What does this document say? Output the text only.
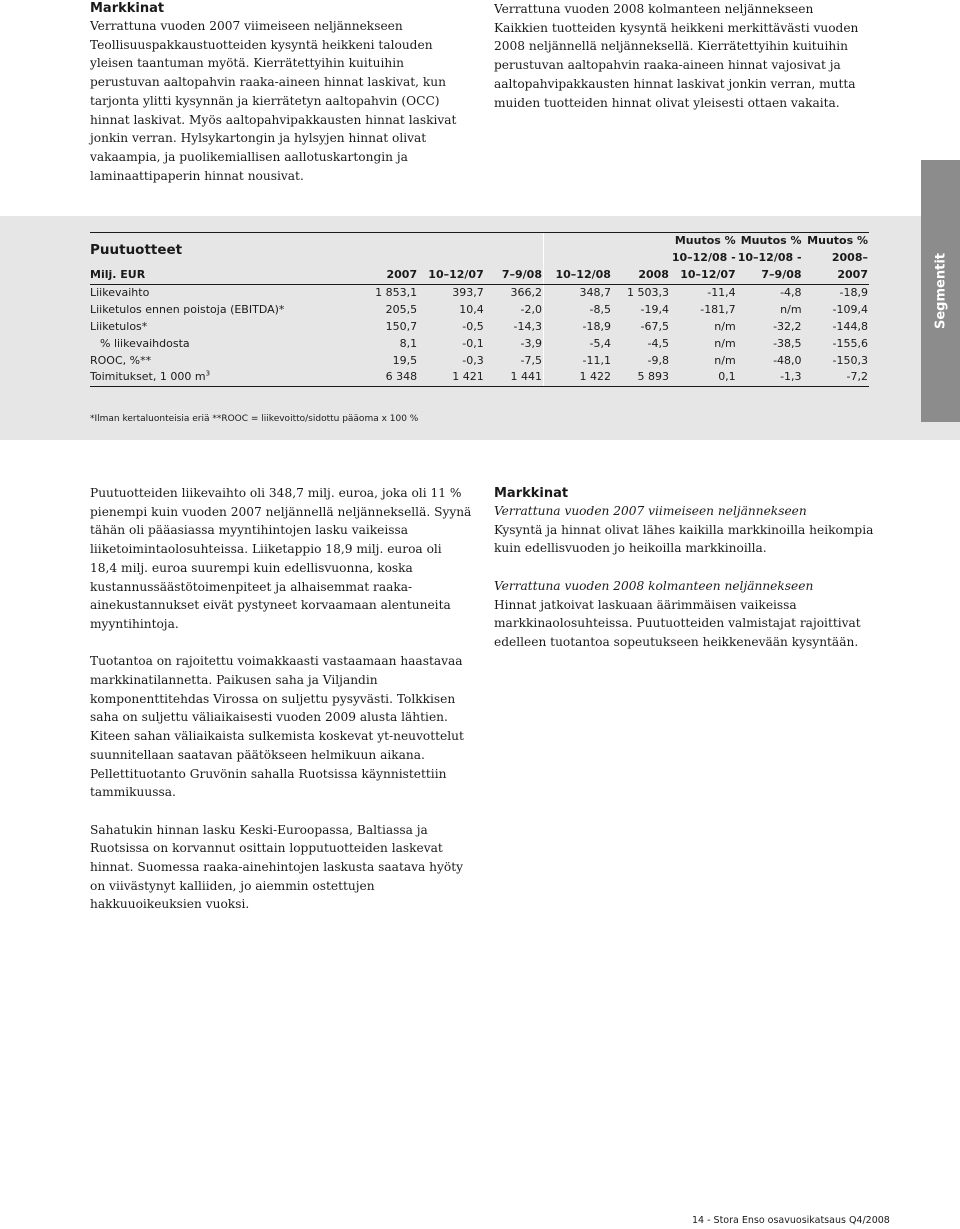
Markkinat

Verrattuna vuoden 2007 viimeiseen neljännekseen Teollisuuspakkaustuotteiden kysyntä heikkeni talouden yleisen taantuman myötä. Kierrätettyihin kuituihin perustuvan aaltopahvin raaka-aineen hinnat laskivat, kun tarjonta ylitti kysynnän ja kierrätetyn aaltopahvin (OCC) hinnat laskivat. Myös aaltopahvipakkausten hinnat laskivat jonkin verran. Hylsykartongin ja hylsyjen hinnat olivat vakaampia, ja puolikemiallisen aallotuskartongin ja laminaattipaperin hinnat nousivat.

Verrattuna vuoden 2008 kolmanteen neljännekseen

Kaikkien tuotteiden kysyntä heikkeni merkittävästi vuoden 2008 neljännellä neljänneksellä. Kierrätettyihin kuituihin perustuvan aaltopahvin raaka-aineen hinnat vajosivat ja aaltopahvipakkausten hinnat laskivat jonkin verran, mutta muiden tuotteiden hinnat olivat yleisesti ottaen vakaita.

Segmentit

Puutuotteet						Muutos %	Muutos %	Muutos %
						10–12/08 -	10–12/08 -	2008–
Milj. EUR	2007	10–12/07	7–9/08	10–12/08	2008	10–12/07	7–9/08	2007
Liikevaihto	1 853,1	393,7	366,2	348,7	1 503,3	-11,4	-4,8	-18,9
Liiketulos ennen poistoja (EBITDA)*	205,5	10,4	-2,0	-8,5	-19,4	-181,7	n/m	-109,4
Liiketulos*	150,7	-0,5	-14,3	-18,9	-67,5	n/m	-32,2	-144,8
% liikevaihdosta	8,1	-0,1	-3,9	-5,4	-4,5	n/m	-38,5	-155,6
ROOC, %**	19,5	-0,3	-7,5	-11,1	-9,8	n/m	-48,0	-150,3
Toimitukset, 1 000 $m^3$	6 348	1 421	1 441	1 422	5 893	0,1	-1,3	-7,2
*Ilman kertaluonteisia eriä **ROOC = liikevoitto/sidottu pääoma x 100 %

Puutuotteiden liikevaihto oli 348,7 milj. euroa, joka oli 11 % pienempi kuin vuoden 2007 neljännellä neljänneksellä. Syynä tähän oli pääasiassa myyntihintojen lasku vaikeissa liiketoimintaolosuhteissa. Liiketappio 18,9 milj. euroa oli 18,4 milj. euroa suurempi kuin edellisvuonna, koska kustannussäästötoimenpiteet ja alhaisemmat raaka-ainekustannukset eivät pystyneet korvaamaan alentuneita myyntihintoja.

Tuotantoa on rajoitettu voimakkaasti vastaamaan haastavaa markkinatilannetta. Paikusen saha ja Viljandin komponenttitehdas Virossa on suljettu pysyvästi. Tolkkisen saha on suljettu väliaikaisesti vuoden 2009 alusta lähtien. Kiteen sahan väliaikaista sulkemista koskevat yt-neuvottelut suunnitellaan saatavan päätökseen helmikuun aikana. Pellettituotanto Gruvönin sahalla Ruotsissa käynnistettiin tammikuussa.

Sahatukin hinnan lasku Keski-Euroopassa, Baltiassa ja Ruotsissa on korvannut osittain lopputuotteiden laskevat hinnat. Suomessa raaka-ainehintojen laskusta saatava hyöty on viivästynyt kalliiden, jo aiemmin ostettujen hakkuuoikeuksien vuoksi.

Markkinat

Verrattuna vuoden 2007 viimeiseen neljännekseen

Kysyntä ja hinnat olivat lähes kaikilla markkinoilla heikompia kuin edellisvuoden jo heikoilla markkinoilla.

Verrattuna vuoden 2008 kolmanteen neljännekseen

Hinnat jatkoivat laskuaan äärimmäisen vaikeissa markkinaolosuhteissa. Puutuotteiden valmistajat rajoittivat edelleen tuotantoa sopeutukseen heikkenevään kysyntään.

14 - Stora Enso osavuosikatsaus Q4/2008
